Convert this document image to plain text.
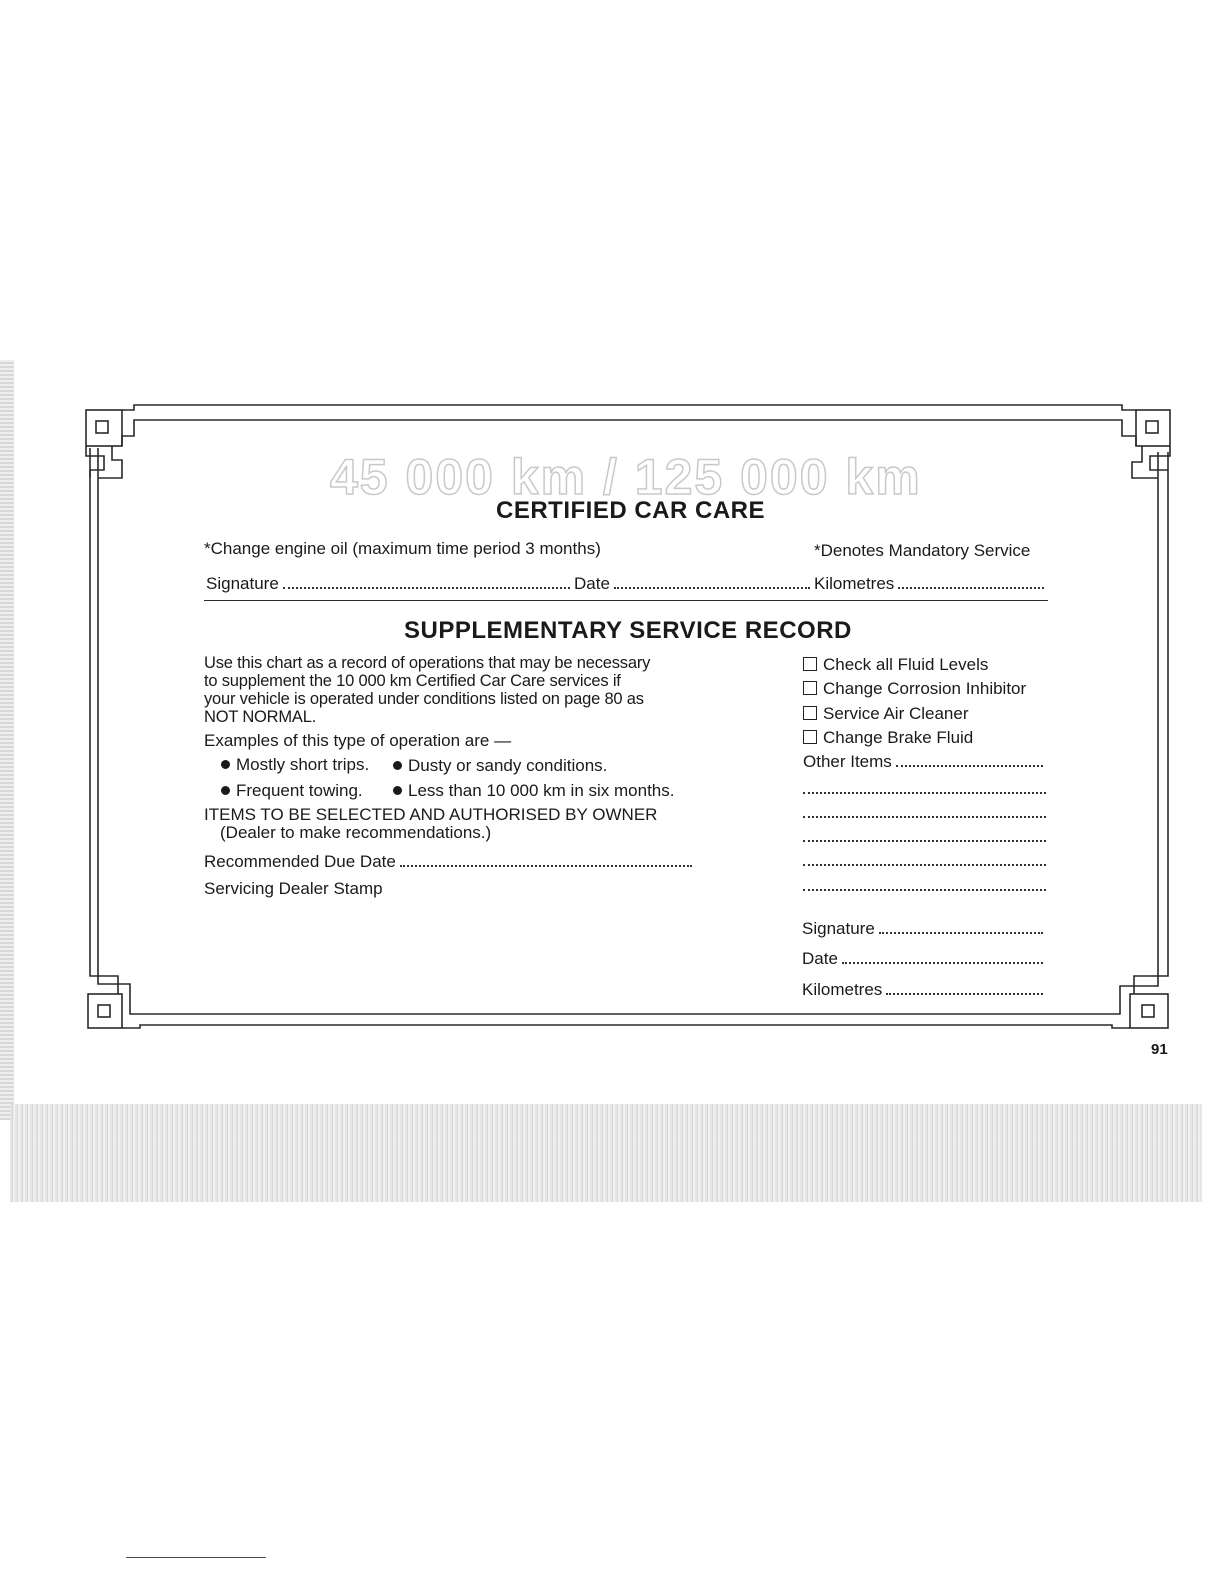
45 000 km / 125 000 km
CERTIFIED CAR CARE
*Change engine oil (maximum time period 3 months)	*Denotes Mandatory Service
Signature	Date	Kilometres
SUPPLEMENTARY SERVICE RECORD
Use this chart as a record of operations that may be necessary
to supplement the 10 000 km Certified Car Care services if
your vehicle is operated under conditions listed on page 80 as
NOT NORMAL.
Examples of this type of operation are —
Mostly short trips.	Dusty or sandy conditions.
Frequent towing.	Less than 10 000 km in six months.
ITEMS TO BE SELECTED AND AUTHORISED BY OWNER
(Dealer to make recommendations.)
Recommended Due Date
Servicing Dealer Stamp
Check all Fluid Levels
Change Corrosion Inhibitor
Service Air Cleaner
Change Brake Fluid
Other Items
Signature
Date
Kilometres
91
